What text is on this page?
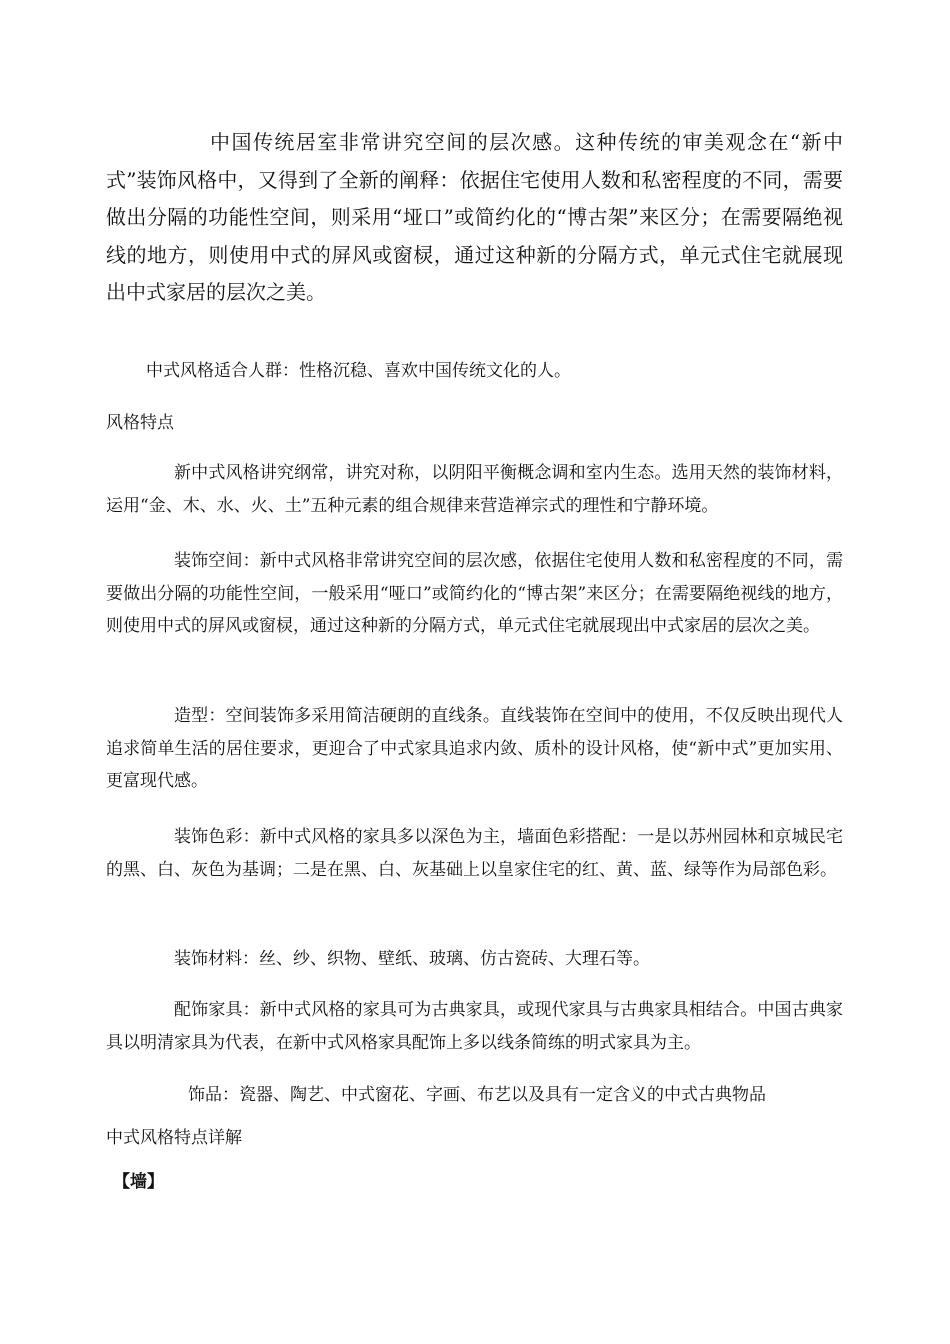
中国传统居室非常讲究空间的层次感。这种传统的审美观念在“新中式”装饰风格中，又得到了全新的阐释：依据住宅使用人数和私密程度的不同，需要做出分隔的功能性空间，则采用“垭口”或简约化的“博古架”来区分；在需要隔绝视线的地方，则使用中式的屏风或窗棂，通过这种新的分隔方式，单元式住宅就展现出中式家居的层次之美。

中式风格适合人群：性格沉稳、喜欢中国传统文化的人。

风格特点

新中式风格讲究纲常，讲究对称，以阴阳平衡概念调和室内生态。选用天然的装饰材料，运用“金、木、水、火、土”五种元素的组合规律来营造禅宗式的理性和宁静环境。

装饰空间：新中式风格非常讲究空间的层次感，依据住宅使用人数和私密程度的不同，需要做出分隔的功能性空间，一般采用“哑口”或简约化的“博古架”来区分；在需要隔绝视线的地方，则使用中式的屏风或窗棂，通过这种新的分隔方式，单元式住宅就展现出中式家居的层次之美。

造型：空间装饰多采用简洁硬朗的直线条。直线装饰在空间中的使用，不仅反映出现代人追求简单生活的居住要求，更迎合了中式家具追求内敛、质朴的设计风格，使“新中式”更加实用、更富现代感。

装饰色彩：新中式风格的家具多以深色为主，墙面色彩搭配：一是以苏州园林和京城民宅的黑、白、灰色为基调；二是在黑、白、灰基础上以皇家住宅的红、黄、蓝、绿等作为局部色彩。

装饰材料：丝、纱、织物、壁纸、玻璃、仿古瓷砖、大理石等。

配饰家具：新中式风格的家具可为古典家具，或现代家具与古典家具相结合。中国古典家具以明清家具为代表，在新中式风格家具配饰上多以线条简练的明式家具为主。

饰品：瓷器、陶艺、中式窗花、字画、布艺以及具有一定含义的中式古典物品

中式风格特点详解

【墙】
